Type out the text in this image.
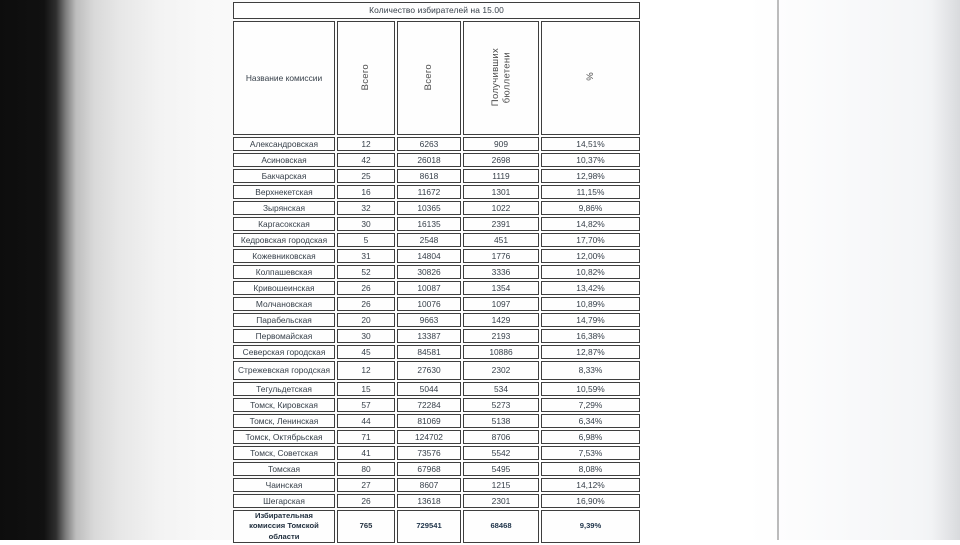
Количество избирателей на 15.00				
Название комиссии	Всего	Всего	Получивших бюллетени	%
Александровская	12	6263	909	14,51%
Асиновская	42	26018	2698	10,37%
Бакчарская	25	8618	1119	12,98%
Верхнекетская	16	11672	1301	11,15%
Зырянская	32	10365	1022	9,86%
Каргасокская	30	16135	2391	14,82%
Кедровская городская	5	2548	451	17,70%
Кожевниковская	31	14804	1776	12,00%
Колпашевская	52	30826	3336	10,82%
Кривошеинская	26	10087	1354	13,42%
Молчановская	26	10076	1097	10,89%
Парабельская	20	9663	1429	14,79%
Первомайская	30	13387	2193	16,38%
Северская городская	45	84581	10886	12,87%
Стрежевская городская	12	27630	2302	8,33%
Тегульдетская	15	5044	534	10,59%
Томск, Кировская	57	72284	5273	7,29%
Томск, Ленинская	44	81069	5138	6,34%
Томск, Октябрьская	71	124702	8706	6,98%
Томск, Советская	41	73576	5542	7,53%
Томская	80	67968	5495	8,08%
Чаинская	27	8607	1215	14,12%
Шегарская	26	13618	2301	16,90%
Избирательная комиссия Томской области	765	729541	68468	9,39%
